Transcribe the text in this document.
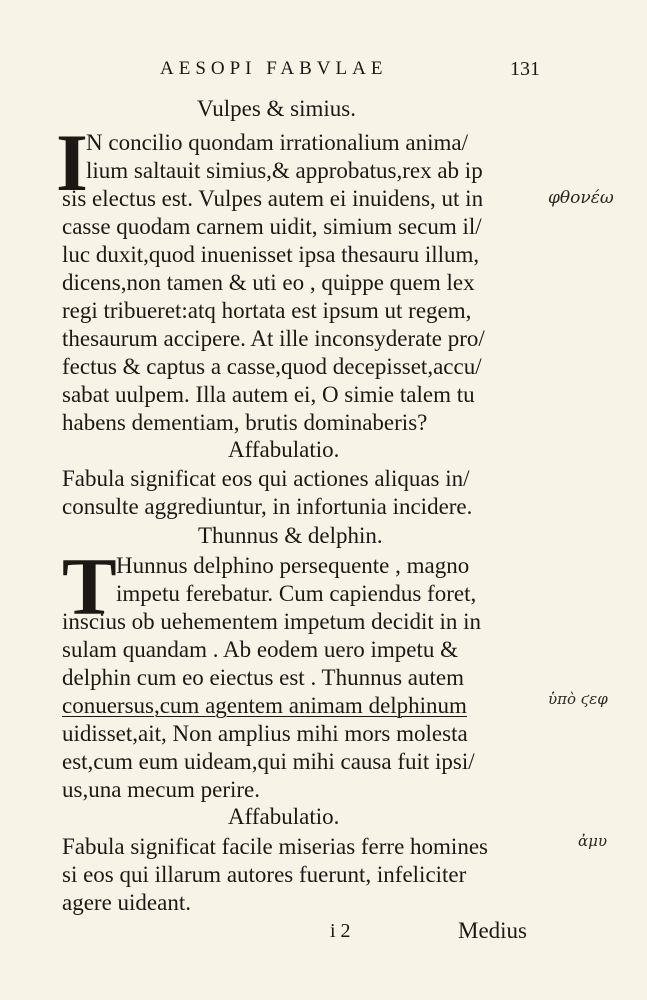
AESOPI FABVLAE	131
Vulpes & simius.
I
N concilio quondam irrationalium anima/
lium saltauit simius,& approbatus,rex ab ip
sis electus est. Vulpes autem ei inuidens, ut in
casse quodam carnem uidit, simium secum il/
luc duxit,quod inuenisset ipsa thesauru illum,
dicens,non tamen & uti eo , quippe quem lex
regi tribueret:atq hortata est ipsum ut regem,
thesaurum accipere. At ille inconsyderate pro/
fectus & captus a casse,quod decepisset,accu/
sabat uulpem. Illa autem ei, O simie talem tu
habens dementiam, brutis dominaberis?
Affabulatio.
Fabula significat eos qui actiones aliquas in/
consulte aggrediuntur, in infortunia incidere.
Thunnus & delphin.
T Hunnus delphino persequente , magno
impetu ferebatur. Cum capiendus foret,
inscius ob uehementem impetum decidit in in
sulam quandam . Ab eodem uero impetu &
delphin cum eo eiectus est . Thunnus autem
conuersus,cum agentem animam delphinum
uidisset,ait, Non amplius mihi mors molesta
est,cum eum uideam,qui mihi causa fuit ipsi/
us,una mecum perire.
Affabulatio.
Fabula significat facile miserias ferre homines
si eos qui illarum autores fuerunt, infeliciter
agere uideant.
i 2	Medius
φθονέω
ὑπὸ ϛεφ
ἀμυ
